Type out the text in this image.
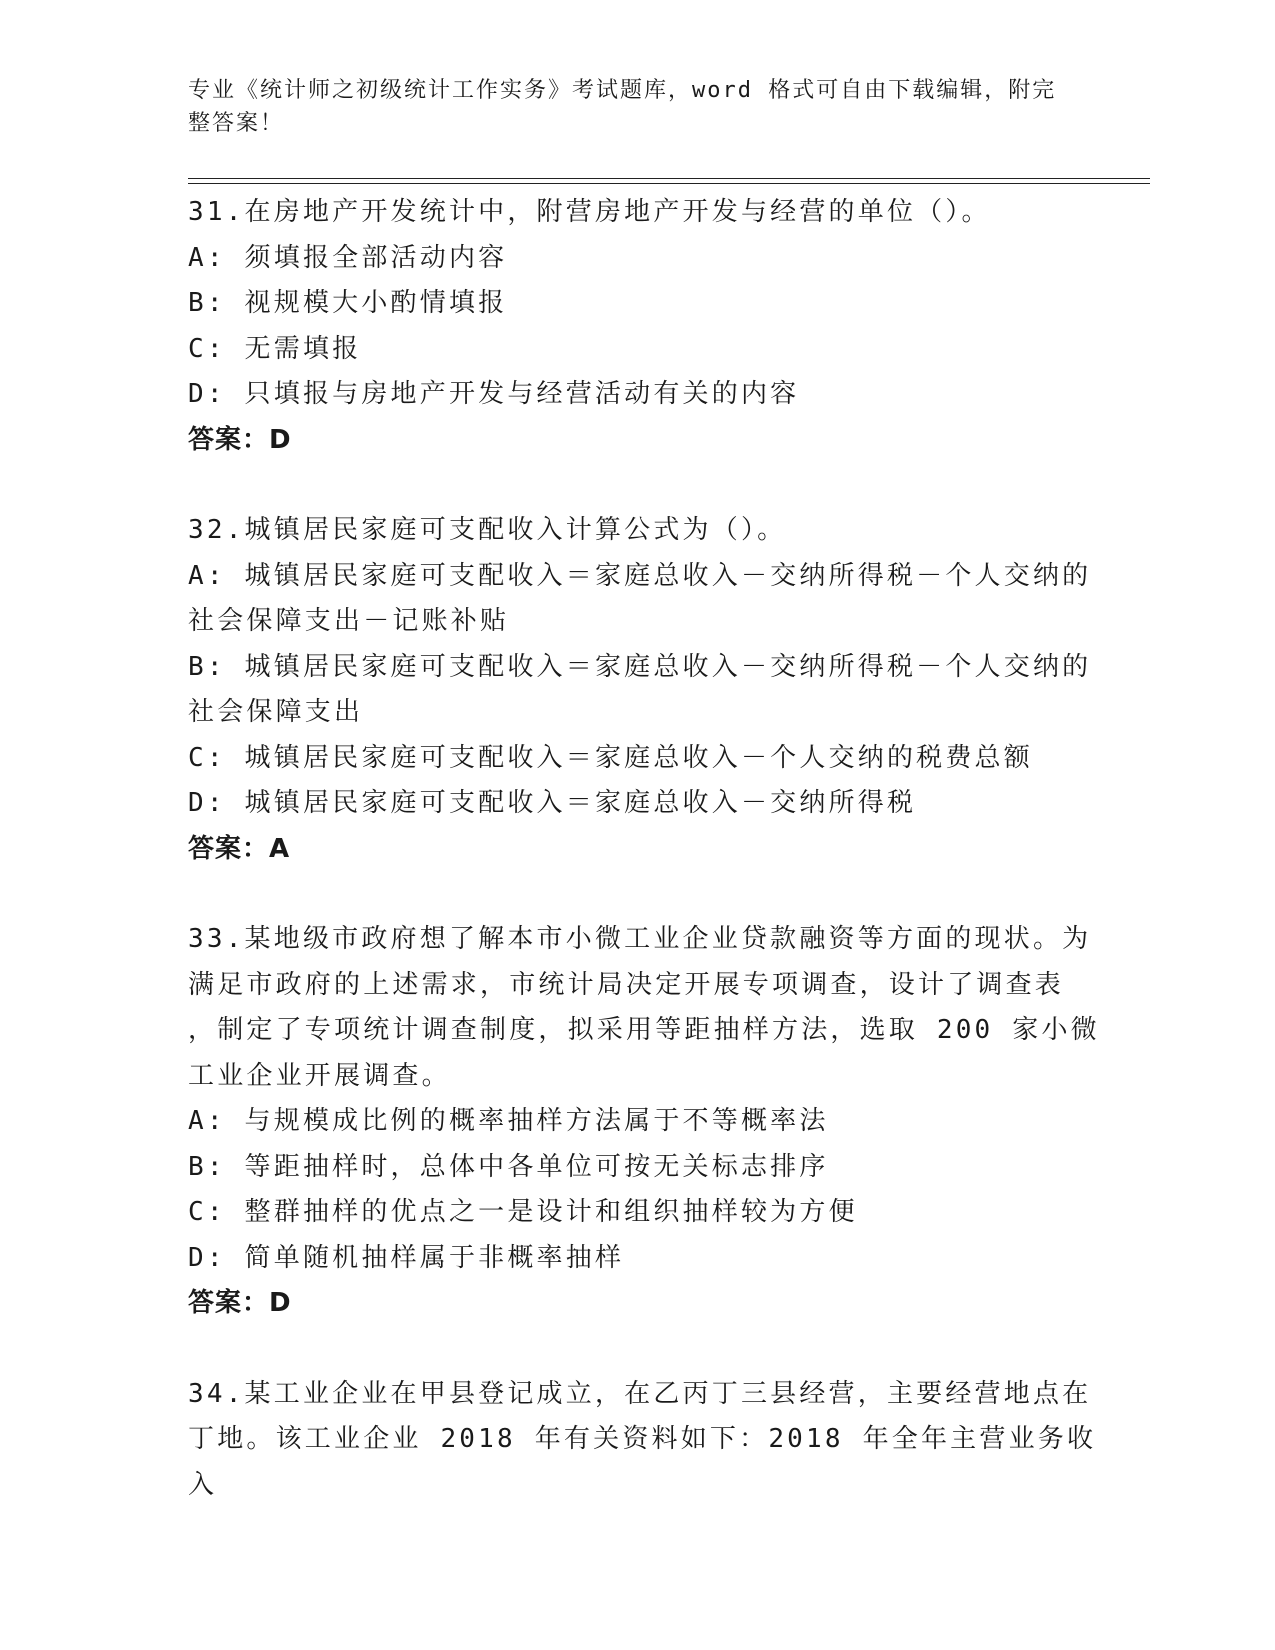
专业《统计师之初级统计工作实务》考试题库，word 格式可自由下载编辑，附完
整答案！
31.在房地产开发统计中，附营房地产开发与经营的单位（）。
A: 须填报全部活动内容
B: 视规模大小酌情填报
C: 无需填报
D: 只填报与房地产开发与经营活动有关的内容
答案：D
32.城镇居民家庭可支配收入计算公式为（）。
A: 城镇居民家庭可支配收入＝家庭总收入－交纳所得税－个人交纳的
社会保障支出－记账补贴
B: 城镇居民家庭可支配收入＝家庭总收入－交纳所得税－个人交纳的
社会保障支出
C: 城镇居民家庭可支配收入＝家庭总收入－个人交纳的税费总额
D: 城镇居民家庭可支配收入＝家庭总收入－交纳所得税
答案：A
33.某地级市政府想了解本市小微工业企业贷款融资等方面的现状。为
满足市政府的上述需求，市统计局决定开展专项调查，设计了调查表
，制定了专项统计调查制度，拟采用等距抽样方法，选取 200 家小微
工业企业开展调查。
A: 与规模成比例的概率抽样方法属于不等概率法
B: 等距抽样时，总体中各单位可按无关标志排序
C: 整群抽样的优点之一是设计和组织抽样较为方便
D: 简单随机抽样属于非概率抽样
答案：D
34.某工业企业在甲县登记成立，在乙丙丁三县经营，主要经营地点在
丁地。该工业企业 2018 年有关资料如下：2018 年全年主营业务收入
